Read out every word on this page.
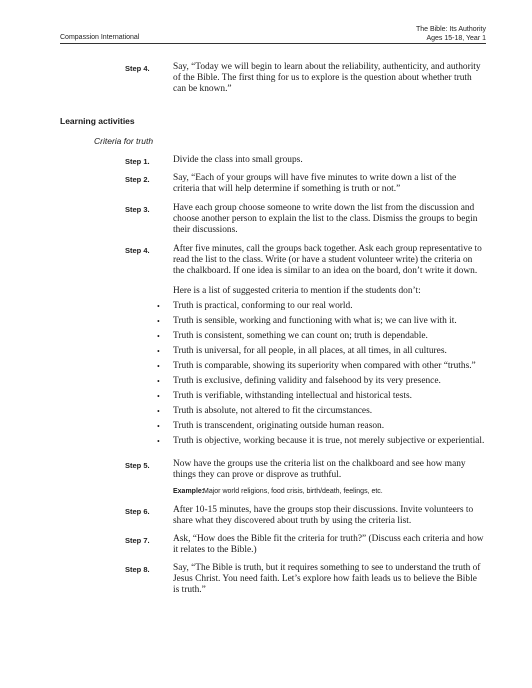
Compassion International
The Bible: Its Authority
Ages 15-18, Year 1
Step 4.	Say, “Today we will begin to learn about the reliability, authenticity, and authority of the Bible. The first thing for us to explore is the question about whether truth can be known.”
Learning activities
Criteria for truth
Step 1.	Divide the class into small groups.
Step 2.	Say, “Each of your groups will have five minutes to write down a list of the criteria that will help determine if something is truth or not.”
Step 3.	Have each group choose someone to write down the list from the discussion and choose another person to explain the list to the class. Dismiss the groups to begin their discussions.
Step 4.	After five minutes, call the groups back together. Ask each group representative to read the list to the class. Write (or have a student volunteer write) the criteria on the chalkboard. If one idea is similar to an idea on the board, don’t write it down.
Here is a list of suggested criteria to mention if the students don’t:
•	Truth is practical, conforming to our real world.
•	Truth is sensible, working and functioning with what is; we can live with it.
•	Truth is consistent, something we can count on; truth is dependable.
•	Truth is universal, for all people, in all places, at all times, in all cultures.
•	Truth is comparable, showing its superiority when compared with other “truths.”
•	Truth is exclusive, defining validity and falsehood by its very presence.
•	Truth is verifiable, withstanding intellectual and historical tests.
•	Truth is absolute, not altered to fit the circumstances.
•	Truth is transcendent, originating outside human reason.
•	Truth is objective, working because it is true, not merely subjective or experiential.
Step 5.	Now have the groups use the criteria list on the chalkboard and see how many things they can prove or disprove as truthful.
Example:
Major world religions, food crisis, birth/death, feelings, etc.
Step 6.	After 10-15 minutes, have the groups stop their discussions. Invite volunteers to share what they discovered about truth by using the criteria list.
Step 7.	Ask, “How does the Bible fit the criteria for truth?” (Discuss each criteria and how it relates to the Bible.)
Step 8.	Say, “The Bible is truth, but it requires something to see to understand the truth of Jesus Christ. You need faith. Let’s explore how faith leads us to believe the Bible is truth.”
